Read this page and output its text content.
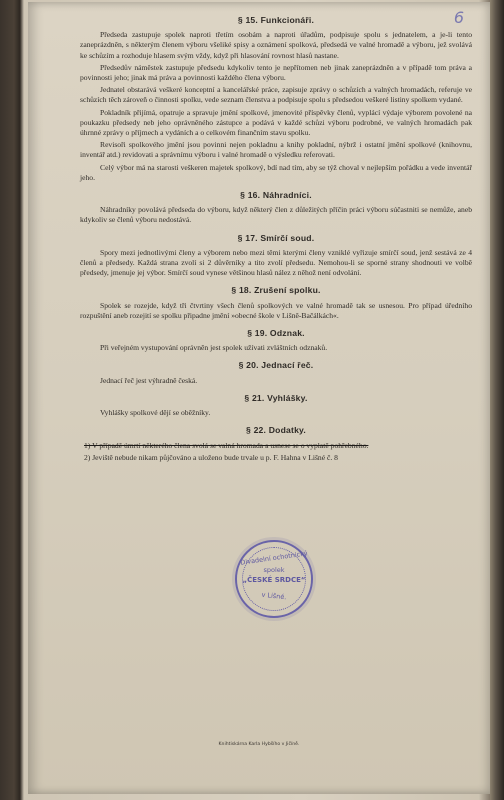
6
§ 15. Funkcionáři.

Předseda zastupuje spolek naproti třetím osobám a naproti úřadům, podpisuje spolu s jednatelem, a je-li tento zaneprázdněn, s některým členem výboru všeliké spisy a oznámení spolková, předsedá ve valné hromadě a výboru, jež svolává ke schůzím a rozhoduje hlasem svým vždy, když při hlasování rovnost hlasů nastane.

Předsedův náměstek zastupuje předsedu kdykoliv tento je nepřítomen neb jinak zaneprázdněn a v případě tom práva a povinnosti jeho; jinak má práva a povinnosti každého člena výboru.

Jednatel obstarává veškeré konceptní a kancelářské práce, zapisuje zprávy o schůzích a valných hromadách, referuje ve schůzích těch zároveň o činnosti spolku, vede seznam členstva a podpisuje spolu s předsedou veškeré listiny spolkem vydané.

Pokladník přijímá, opatruje a spravuje jmění spolkové, jmenovité příspěvky členů, vyplácí výdaje výborem povolené na poukazku předsedy neb jeho oprávněného zástupce a podává v každé schůzi výboru podrobné, ve valných hromadách pak úhrnné zprávy o příjmech a vydáních a o celkovém finančním stavu spolku.

Revisoři spolkového jmění jsou povinni nejen pokladnu a knihy pokladní, nýbrž i ostatní jmění spolkové (knihovnu, inventář atd.) revidovati a správnímu výboru i valné hromadě o výsledku referovati.

Celý výbor má na starosti veškeren majetek spolkový, bdí nad tím, aby se týž choval v nejlepším pořádku a vede inventář jeho.

§ 16. Náhradníci.

Náhradníky povolává předseda do výboru, když některý člen z důležitých příčin práci výboru súčastniti se nemůže, aneb kdykoliv se členů výboru nedostává.

§ 17. Smírčí soud.

Spory mezi jednotlivými členy a výborem nebo mezi těmi kterými členy vzniklé vyřizuje smírčí soud, jenž sestává ze 4 členů a předsedy. Každá strana zvolí si 2 důvěrníky a tito zvolí předsedu. Nemohou-li se sporné strany shodnouti ve volbě předsedy, jmenuje jej výbor. Smírčí soud vynese většinou hlasů nález z něhož není odvolání.

§ 18. Zrušení spolku.

Spolek se rozejde, když tři čtvrtiny všech členů spolkových ve valné hromadě tak se usnesou. Pro případ úředního rozpuštění aneb rozejití se spolku připadne jmění »obecné škole v Lišně-Bačálkách«.

§ 19. Odznak.

Při veřejném vystupování oprávněn jest spolek užívati zvláštních odznaků.

§ 20. Jednací řeč.

Jednací řeč jest výhradně česká.

§ 21. Vyhlášky.

Vyhlášky spolkové dějí se oběžníky.

§ 22. Dodatky.
1) V případě úmrtí některého člena svolá se valná hromada a usnese se o vyplatě pohřebného.
2) Jeviště nebude nikam půjčováno a uloženo bude trvale u p. F. Hahna v Lišné č. 8
Divadelní ochotnický
spolek
„ČESKÉ SRDCE“
v Lišné.
Knihtiskárna Karla Hybšího v Jičíně.
